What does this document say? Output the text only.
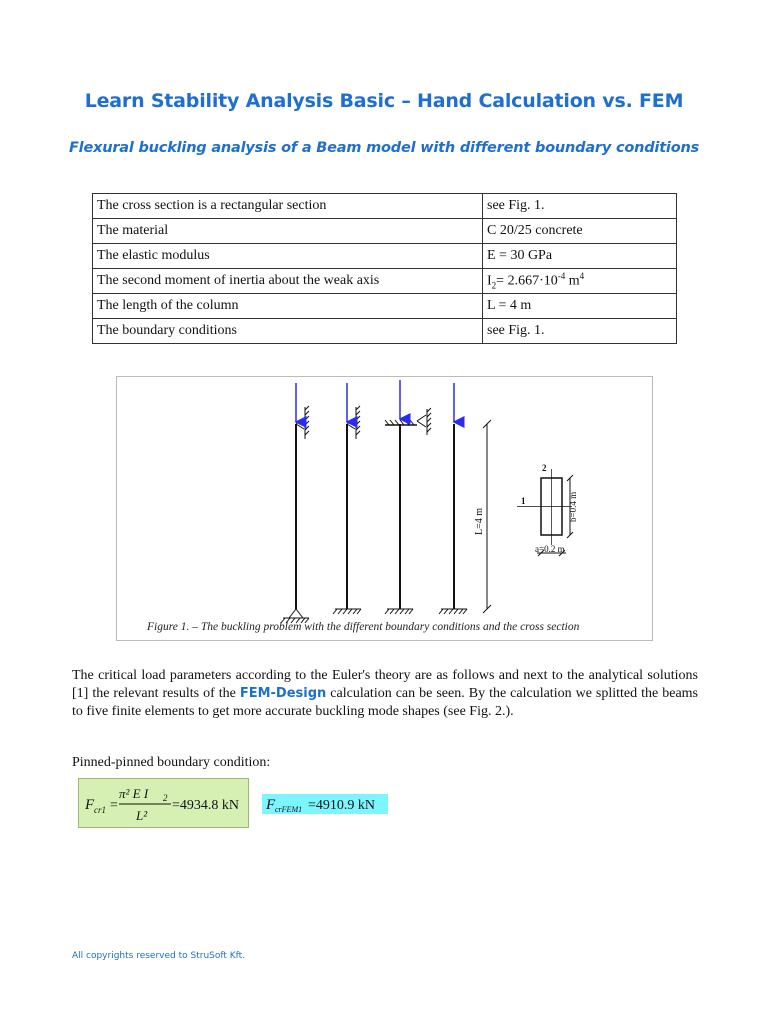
Learn Stability Analysis Basic – Hand Calculation vs. FEM
Flexural buckling analysis of a Beam model with different boundary conditions
The cross section is a rectangular section	see Fig. 1.
The material	C 20/25 concrete
The elastic modulus	E = 30 GPa
The second moment of inertia about the weak axis	$I_2= 2.667\cdot 10^{-4}$ $m^4$
The length of the column	L = 4 m
The boundary conditions	see Fig. 1.
L=4 m
2
1	b=0.4 m
a=0.2 m
Figure 1. – The buckling problem with the different boundary conditions and the cross section
The critical load parameters according to the Euler's theory are as follows and next to the analytical solutions [1] the relevant results of the FEM-Design calculation can be seen. By the calculation we splitted the beams to five finite elements to get more accurate buckling mode shapes (see Fig. 2.).
Pinned-pinned boundary condition:
F cr1 =
π² E I 2
L²
=4934.8 kN F crFEM1 =4910.9 kN
All copyrights reserved to StruSoft Kft.
